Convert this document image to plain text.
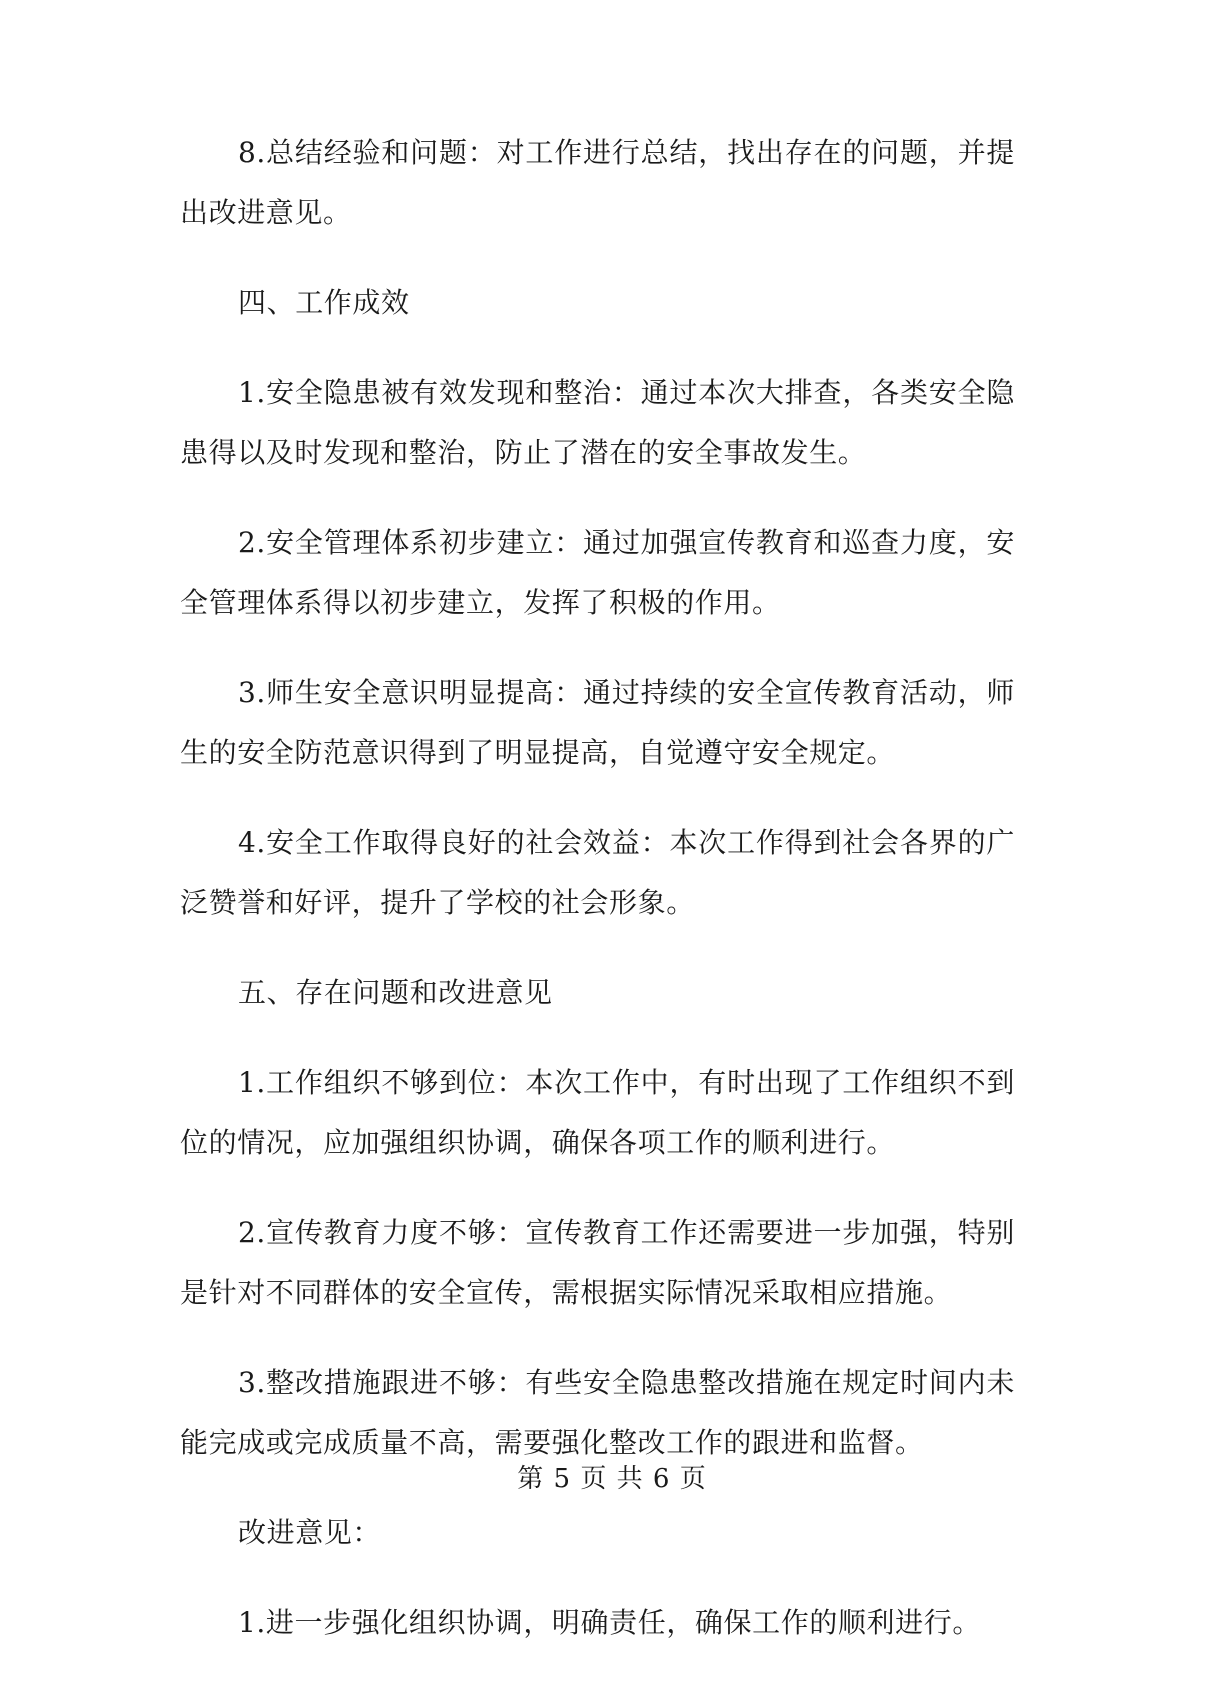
8.总结经验和问题：对工作进行总结，找出存在的问题，并提出改进意见。

四、工作成效

1.安全隐患被有效发现和整治：通过本次大排查，各类安全隐患得以及时发现和整治，防止了潜在的安全事故发生。

2.安全管理体系初步建立：通过加强宣传教育和巡查力度，安全管理体系得以初步建立，发挥了积极的作用。

3.师生安全意识明显提高：通过持续的安全宣传教育活动，师生的安全防范意识得到了明显提高，自觉遵守安全规定。

4.安全工作取得良好的社会效益：本次工作得到社会各界的广泛赞誉和好评，提升了学校的社会形象。

五、存在问题和改进意见

1.工作组织不够到位：本次工作中，有时出现了工作组织不到位的情况，应加强组织协调，确保各项工作的顺利进行。

2.宣传教育力度不够：宣传教育工作还需要进一步加强，特别是针对不同群体的安全宣传，需根据实际情况采取相应措施。

3.整改措施跟进不够：有些安全隐患整改措施在规定时间内未能完成或完成质量不高，需要强化整改工作的跟进和监督。

改进意见：

1.进一步强化组织协调，明确责任，确保工作的顺利进行。

第 5 页 共 6 页
